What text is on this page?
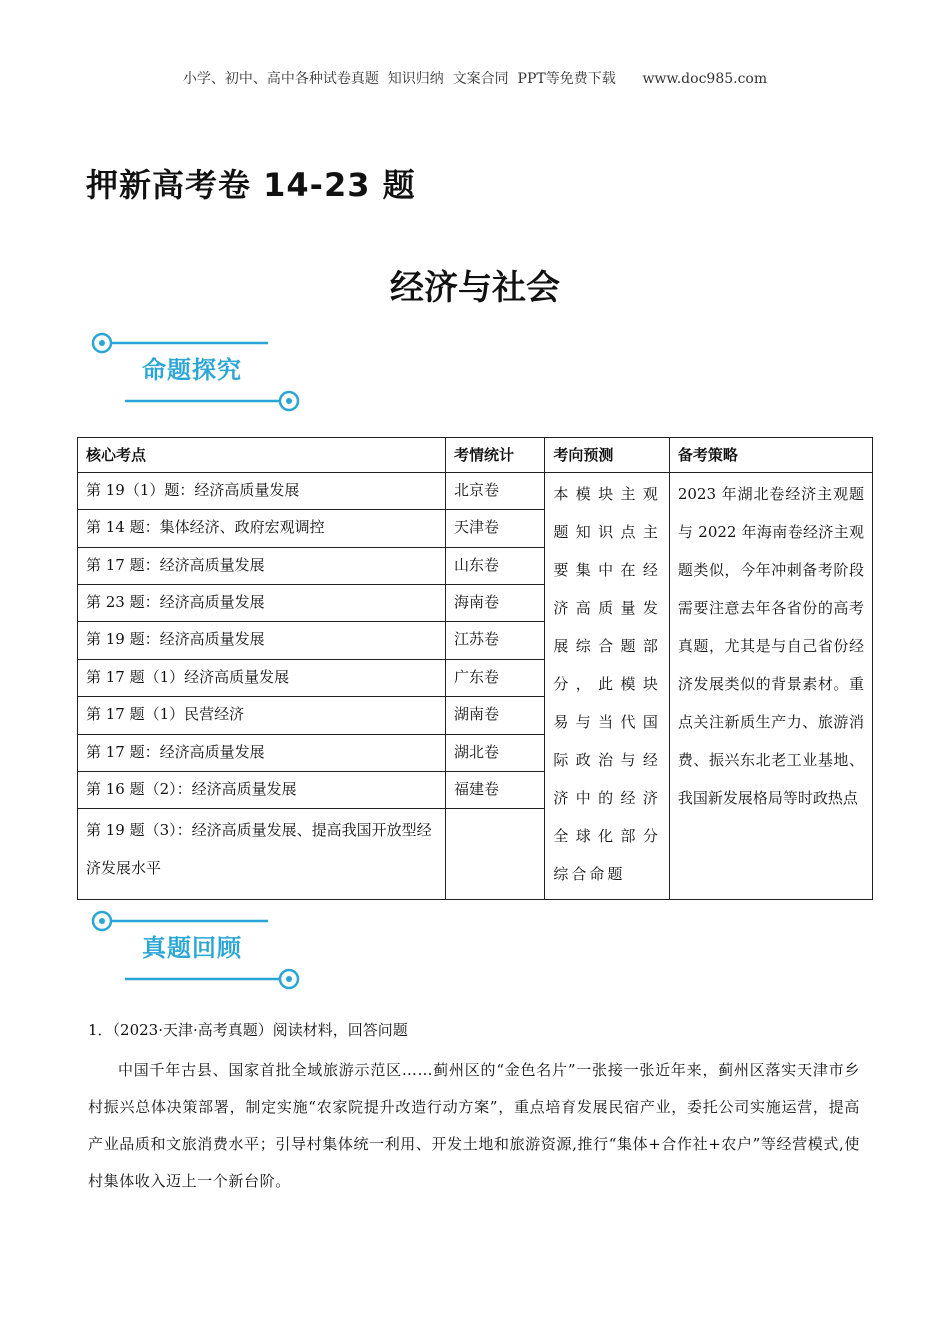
小学、初中、高中各种试卷真题  知识归纳  文案合同  PPT等免费下载      www.doc985.com
押新高考卷 14-23 题
经济与社会
命题探究
核心考点	考情统计	考向预测	备考策略
第 19（1）题：经济高质量发展	北京卷	本模块主观题知识点主要集中在经济高质量发展综合题部分，此模块易与当代国际政治与经济中的经济全球化部分综合命题	2023 年湖北卷经济主观题与 2022 年海南卷经济主观题类似，今年冲刺备考阶段需要注意去年各省份的高考真题，尤其是与自己省份经济发展类似的背景素材。重点关注新质生产力、旅游消费、振兴东北老工业基地、我国新发展格局等时政热点
第 14 题：集体经济、政府宏观调控	天津卷		
第 17 题：经济高质量发展	山东卷		
第 23 题：经济高质量发展	海南卷		
第 19 题：经济高质量发展	江苏卷		
第 17 题（1）经济高质量发展	广东卷		
第 17 题（1）民营经济	湖南卷		
第 17 题：经济高质量发展	湖北卷		
第 16 题（2）：经济高质量发展	福建卷		
第 19 题（3）：经济高质量发展、提高我国开放型经济发展水平			
真题回顾
1．（2023·天津·高考真题）阅读材料，回答问题
中国千年古县、国家首批全域旅游示范区……蓟州区的“金色名片”一张接一张近年来，蓟州区落实天津市乡村振兴总体决策部署，制定实施“农家院提升改造行动方案”，重点培育发展民宿产业，委托公司实施运营，提高产业品质和文旅消费水平；引导村集体统一利用、开发土地和旅游资源,推行“集体+合作社+农户”等经营模式,使村集体收入迈上一个新台阶。
